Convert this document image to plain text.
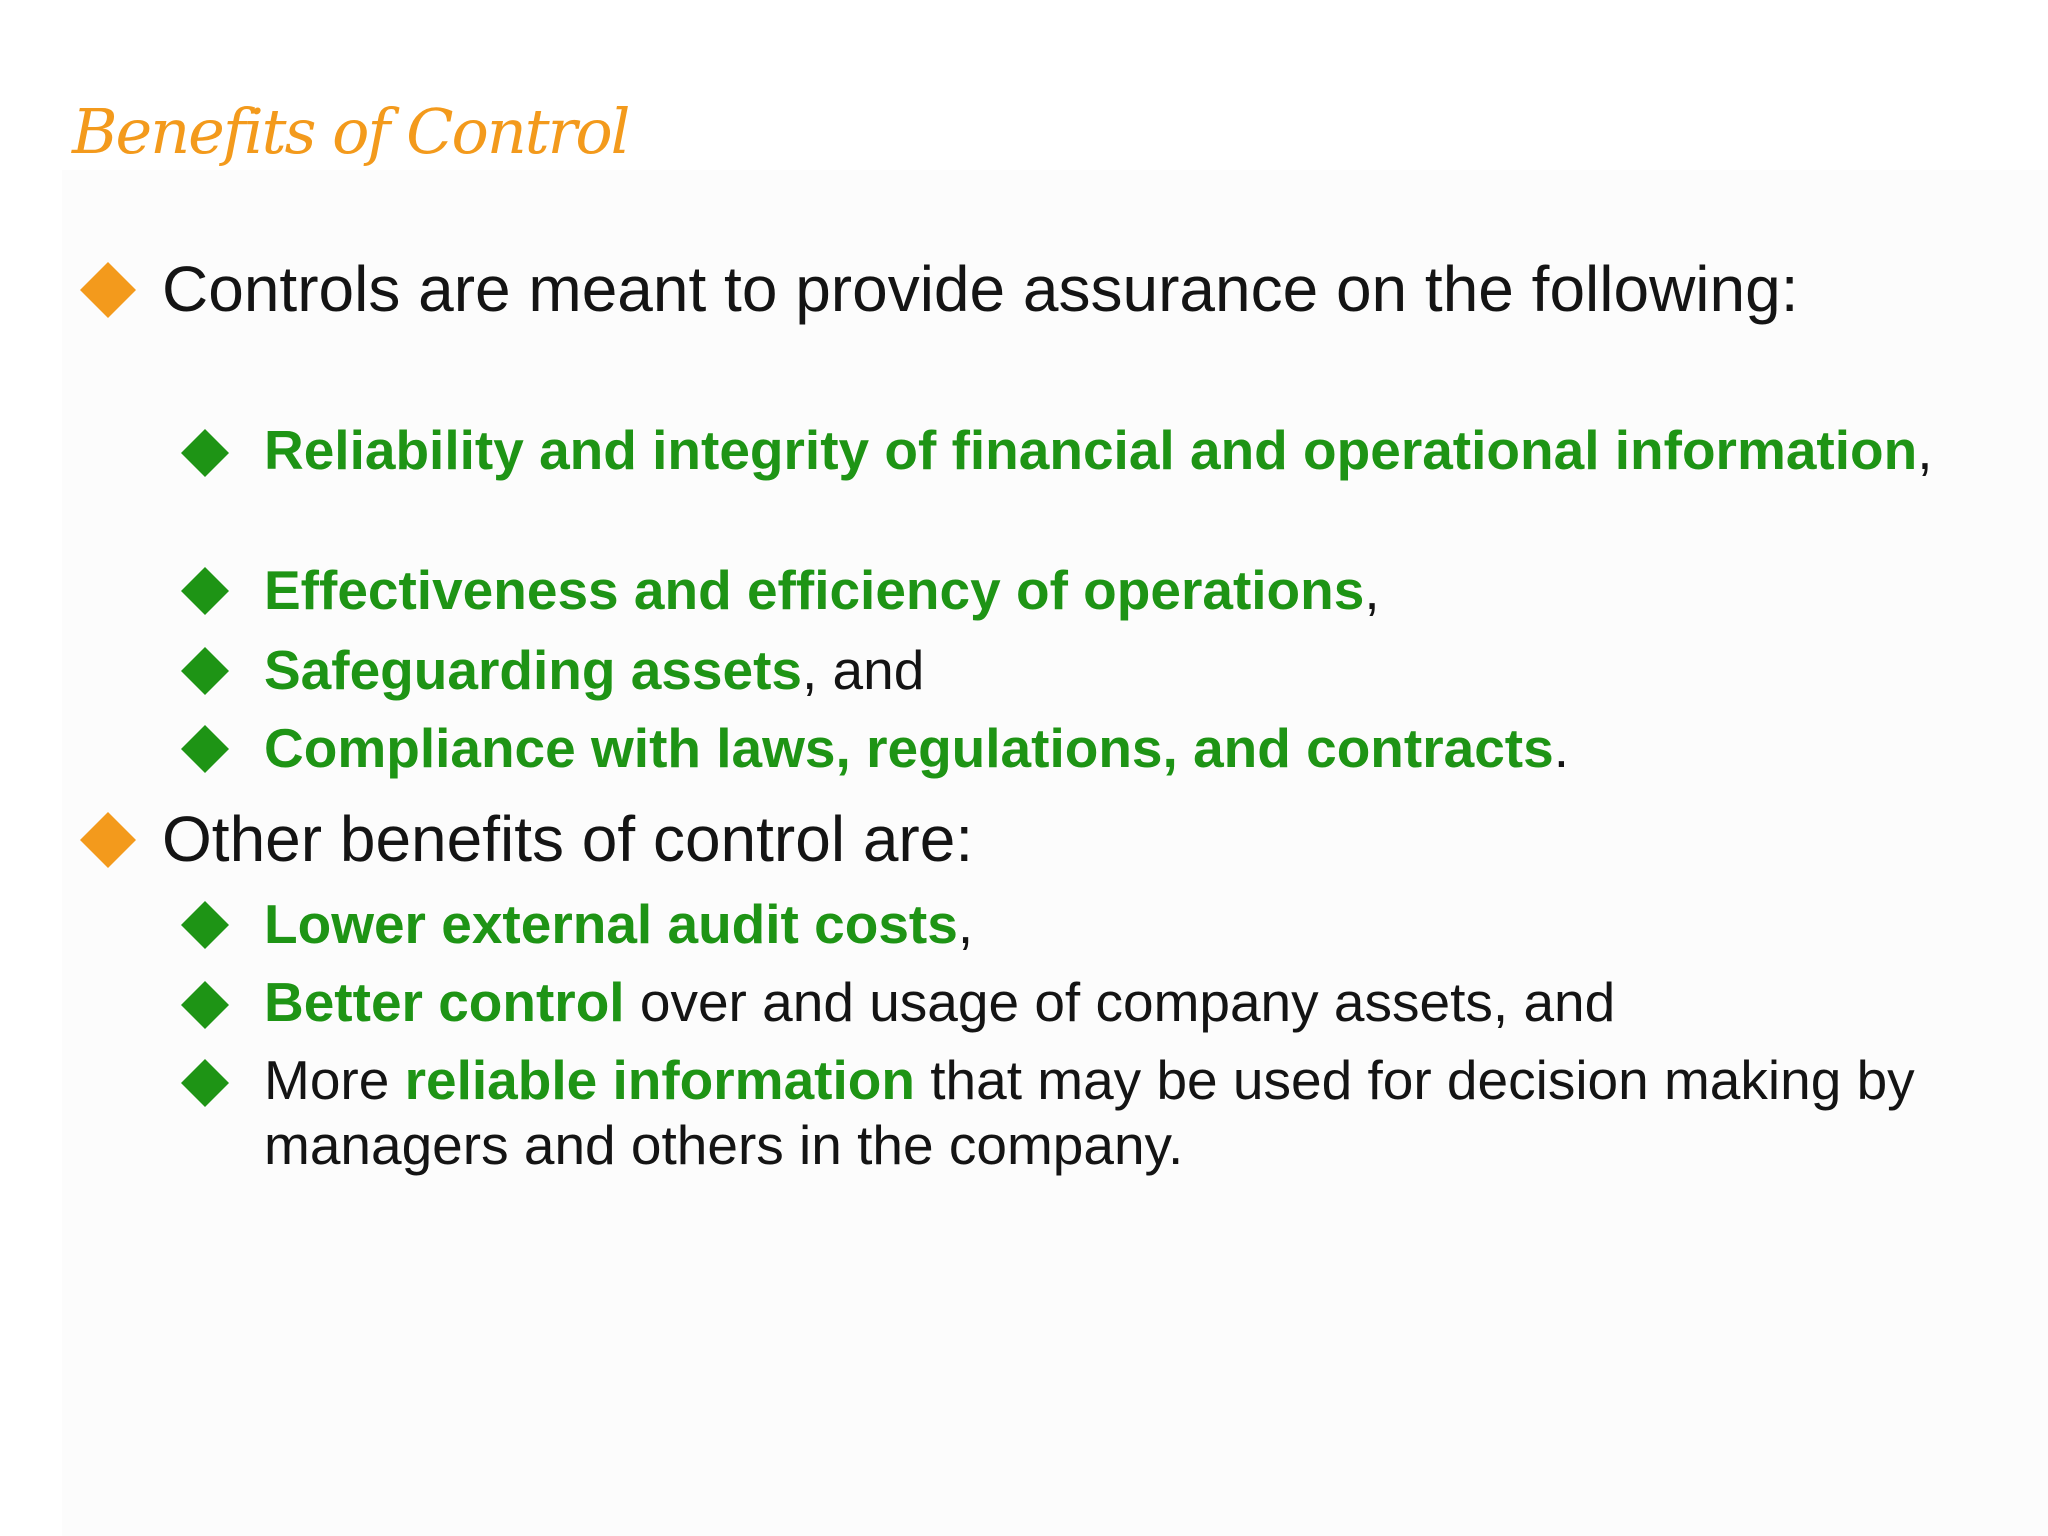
Benefits of Control
Controls are meant to provide assurance on the following:
Reliability and integrity of financial and operational information,
Effectiveness and efficiency of operations,
Safeguarding assets, and
Compliance with laws, regulations, and contracts.
Other benefits of control are:
Lower external audit costs,
Better control over and usage of company assets, and
More reliable information that may be used for decision making by managers and others in the company.
